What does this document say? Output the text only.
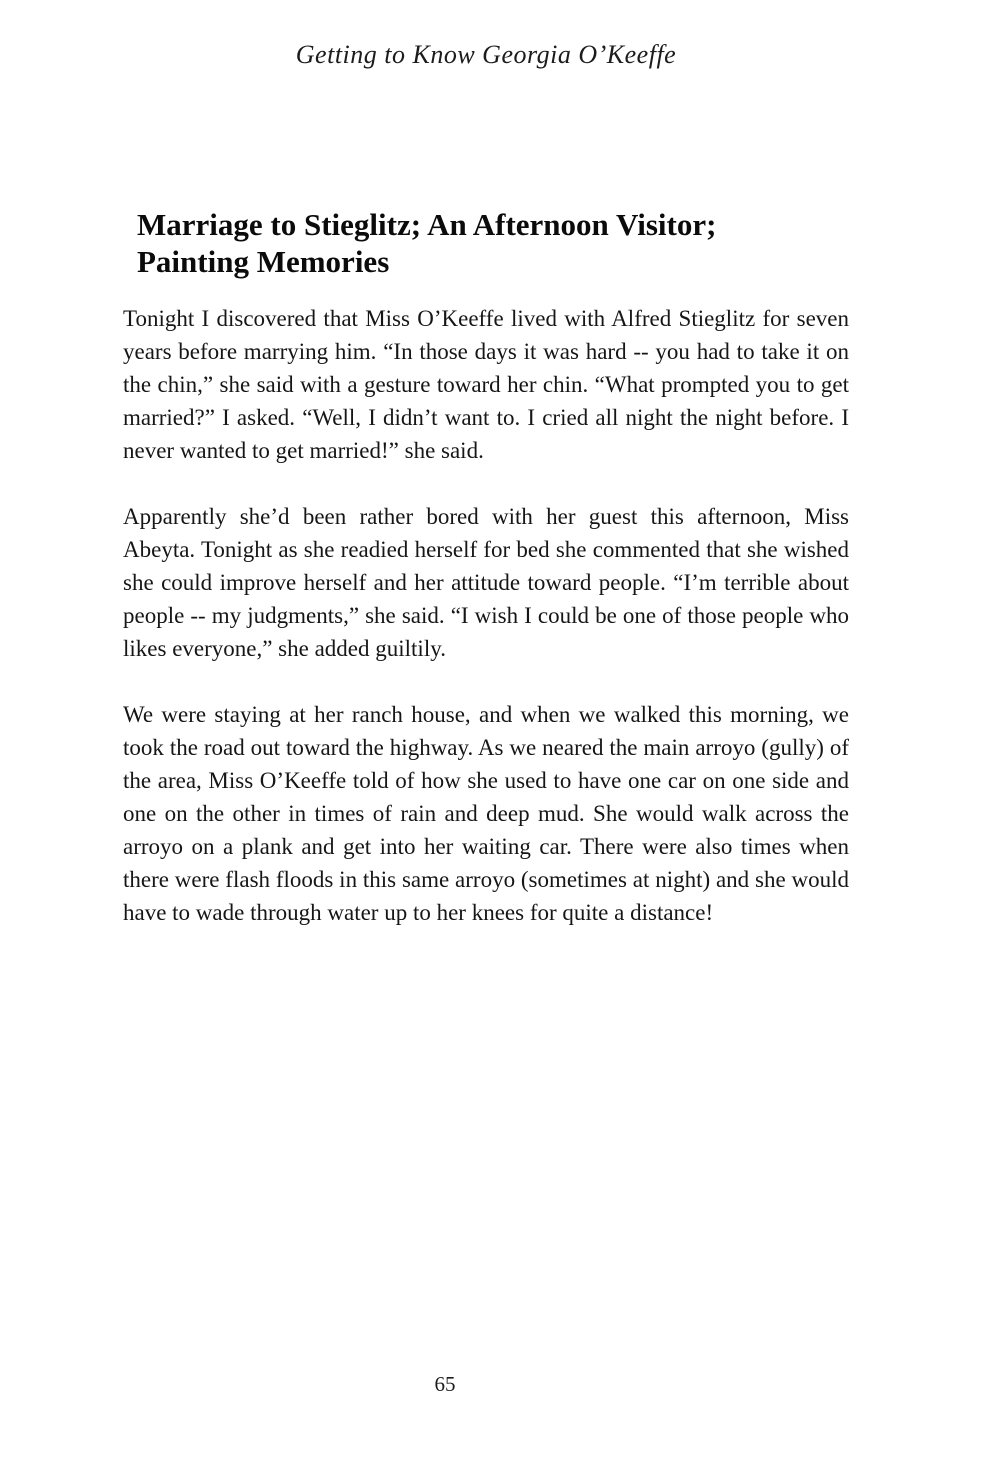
Getting to Know Georgia O’Keeffe
Marriage to Stieglitz; An Afternoon Visitor;
Painting Memories

Tonight I discovered that Miss O’Keeffe lived with Alfred Stieglitz for seven years before marrying him. “In those days it was hard -- you had to take it on the chin,” she said with a gesture toward her chin. “What prompted you to get married?” I asked. “Well, I didn’t want to. I cried all night the night before. I never wanted to get married!” she said.

Apparently she’d been rather bored with her guest this afternoon, Miss Abeyta. Tonight as she readied herself for bed she commented that she wished she could improve herself and her attitude toward people. “I’m terrible about people -- my judgments,” she said. “I wish I could be one of those people who likes everyone,” she added guiltily.

We were staying at her ranch house, and when we walked this morning, we took the road out toward the highway. As we neared the main arroyo (gully) of the area, Miss O’Keeffe told of how she used to have one car on one side and one on the other in times of rain and deep mud. She would walk across the arroyo on a plank and get into her waiting car. There were also times when there were flash floods in this same arroyo (sometimes at night) and she would have to wade through water up to her knees for quite a distance!

65
